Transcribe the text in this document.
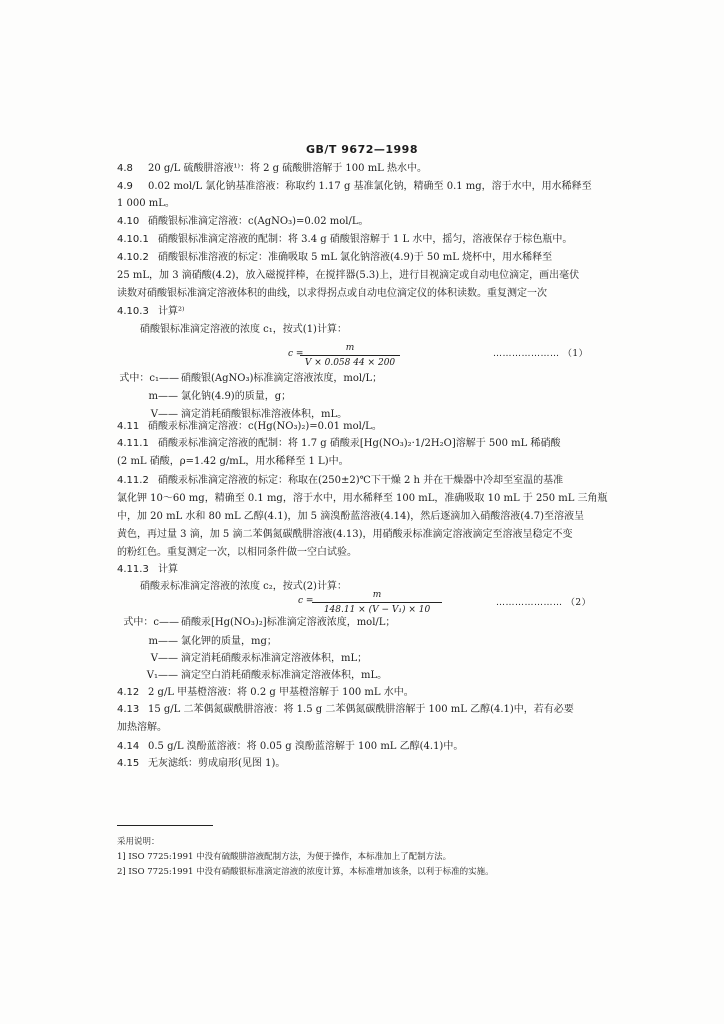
GB/T 9672—1998
4.8 20 g/L 硫酸肼溶液¹⁾：将 2 g 硫酸肼溶解于 100 mL 热水中。
4.9 0.02 mol/L 氯化钠基准溶液：称取约 1.17 g 基准氯化钠，精确至 0.1 mg，溶于水中，用水稀释至
1 000 mL。
4.10 硝酸银标准滴定溶液：c(AgNO₃)=0.02 mol/L。
4.10.1 硝酸银标准滴定溶液的配制：将 3.4 g 硝酸银溶解于 1 L 水中，摇匀，溶液保存于棕色瓶中。
4.10.2 硝酸银标准溶液的标定：准确吸取 5 mL 氯化钠溶液(4.9)于 50 mL 烧杯中，用水稀释至
25 mL，加 3 滴硝酸(4.2)，放入磁搅拌棒，在搅拌器(5.3)上，进行目视滴定或自动电位滴定，画出毫伏
读数对硝酸银标准滴定溶液体积的曲线，以求得拐点或自动电位滴定仪的体积读数。重复测定一次
4.10.3 计算²⁾
硝酸银标准滴定溶液的浓度 c₁，按式(1)计算：
c =
m
V × 0.058 44 × 200
………………… （1）
式中：c₁—— 硝酸银(AgNO₃)标准滴定溶液浓度，mol/L；
m—— 氯化钠(4.9)的质量，g；
V—— 滴定消耗硝酸银标准溶液体积，mL。
4.11 硝酸汞标准滴定溶液：c(Hg(NO₃)₂)=0.01 mol/L。
4.11.1 硝酸汞标准滴定溶液的配制：将 1.7 g 硝酸汞[Hg(NO₃)₂·1/2H₂O]溶解于 500 mL 稀硝酸
(2 mL 硝酸，ρ=1.42 g/mL，用水稀释至 1 L)中。
4.11.2 硝酸汞标准滴定溶液的标定：称取在(250±2)℃下干燥 2 h 并在干燥器中冷却至室温的基准
氯化钾 10～60 mg，精确至 0.1 mg，溶于水中，用水稀释至 100 mL，准确吸取 10 mL 于 250 mL 三角瓶
中，加 20 mL 水和 80 mL 乙醇(4.1)，加 5 滴溴酚蓝溶液(4.14)，然后逐滴加入硝酸溶液(4.7)至溶液呈
黄色，再过量 3 滴，加 5 滴二苯偶氮碳酰肼溶液(4.13)，用硝酸汞标准滴定溶液滴定至溶液呈稳定不变
的粉红色。重复测定一次，以相同条件做一空白试验。
4.11.3 计算
硝酸汞标准滴定溶液的浓度 c₂，按式(2)计算：
c =
m
148.11 × (V − V₁) × 10
………………… （2）
式中：c—— 硝酸汞[Hg(NO₃)₂]标准滴定溶液浓度，mol/L；
m—— 氯化钾的质量，mg；
V—— 滴定消耗硝酸汞标准滴定溶液体积，mL；
V₁—— 滴定空白消耗硝酸汞标准滴定溶液体积，mL。
4.12 2 g/L 甲基橙溶液：将 0.2 g 甲基橙溶解于 100 mL 水中。
4.13 15 g/L 二苯偶氮碳酰肼溶液：将 1.5 g 二苯偶氮碳酰肼溶解于 100 mL 乙醇(4.1)中，若有必要
加热溶解。
4.14 0.5 g/L 溴酚蓝溶液：将 0.05 g 溴酚蓝溶解于 100 mL 乙醇(4.1)中。
4.15 无灰滤纸：剪成扇形(见图 1)。
采用说明：
1] ISO 7725:1991 中没有硫酸肼溶液配制方法，为便于操作，本标准加上了配制方法。
2] ISO 7725:1991 中没有硝酸银标准滴定溶液的浓度计算，本标准增加该条，以利于标准的实施。
